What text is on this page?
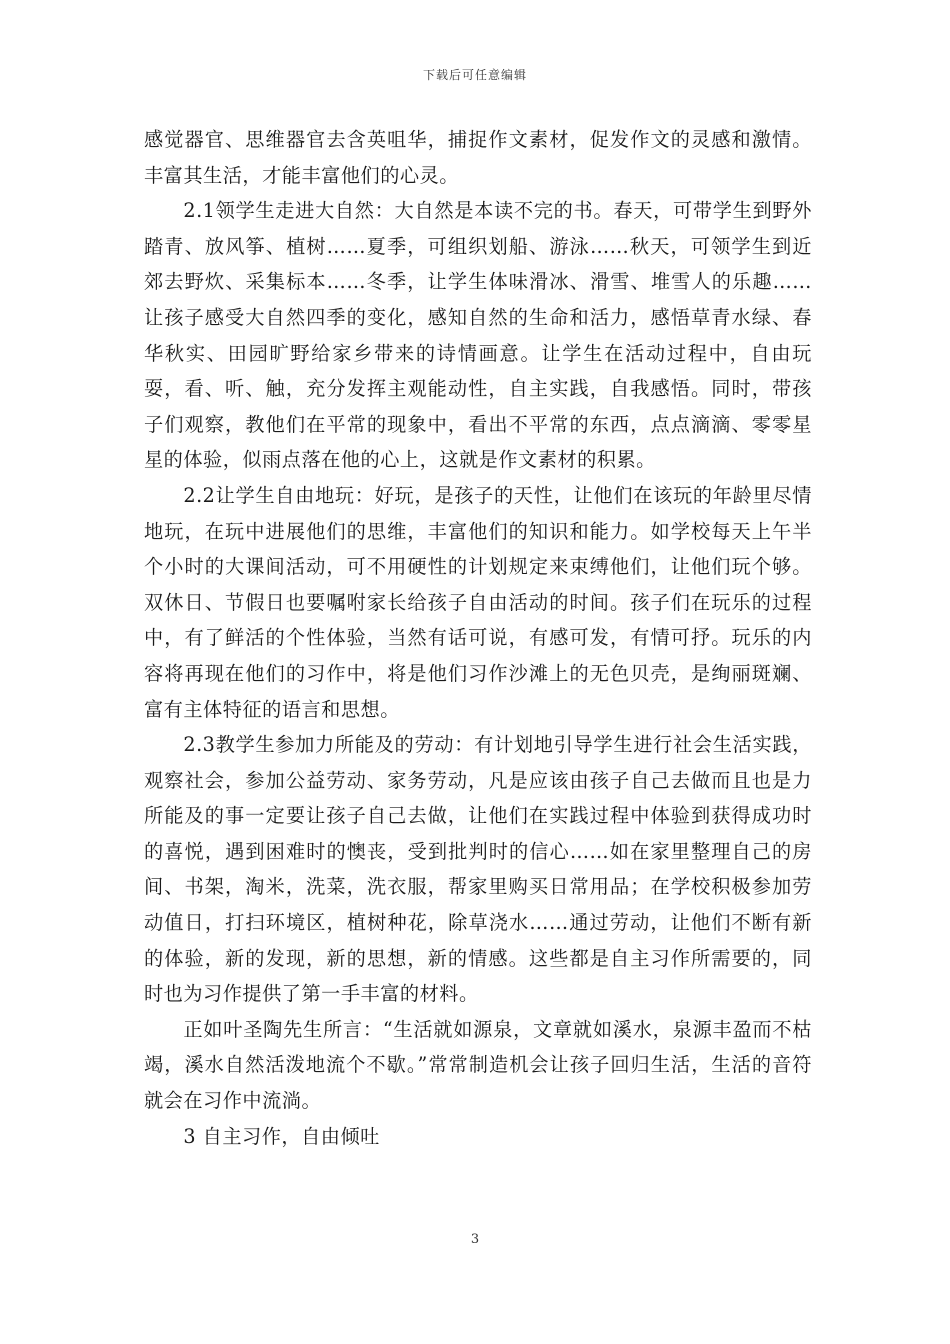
下载后可任意编辑

感觉器官、思维器官去含英咀华，捕捉作文素材，促发作文的灵感和激情。丰富其生活，才能丰富他们的心灵。

2.1领学生走进大自然：大自然是本读不完的书。春天，可带学生到野外踏青、放风筝、植树……夏季，可组织划船、游泳……秋天，可领学生到近郊去野炊、采集标本……冬季，让学生体味滑冰、滑雪、堆雪人的乐趣……让孩子感受大自然四季的变化，感知自然的生命和活力，感悟草青水绿、春华秋实、田园旷野给家乡带来的诗情画意。让学生在活动过程中，自由玩耍，看、听、触，充分发挥主观能动性，自主实践，自我感悟。同时，带孩子们观察，教他们在平常的现象中，看出不平常的东西，点点滴滴、零零星星的体验，似雨点落在他的心上，这就是作文素材的积累。

2.2让学生自由地玩：好玩，是孩子的天性，让他们在该玩的年龄里尽情地玩，在玩中进展他们的思维，丰富他们的知识和能力。如学校每天上午半个小时的大课间活动，可不用硬性的计划规定来束缚他们，让他们玩个够。双休日、节假日也要嘱咐家长给孩子自由活动的时间。孩子们在玩乐的过程中，有了鲜活的个性体验，当然有话可说，有感可发，有情可抒。玩乐的内容将再现在他们的习作中，将是他们习作沙滩上的无色贝壳，是绚丽斑斓、富有主体特征的语言和思想。

2.3教学生参加力所能及的劳动：有计划地引导学生进行社会生活实践，观察社会，参加公益劳动、家务劳动，凡是应该由孩子自己去做而且也是力所能及的事一定要让孩子自己去做，让他们在实践过程中体验到获得成功时的喜悦，遇到困难时的懊丧，受到批判时的信心……如在家里整理自己的房间、书架，淘米，洗菜，洗衣服，帮家里购买日常用品；在学校积极参加劳动值日，打扫环境区，植树种花，除草浇水……通过劳动，让他们不断有新的体验，新的发现，新的思想，新的情感。这些都是自主习作所需要的，同时也为习作提供了第一手丰富的材料。

正如叶圣陶先生所言：“生活就如源泉，文章就如溪水，泉源丰盈而不枯竭，溪水自然活泼地流个不歇。”常常制造机会让孩子回归生活，生活的音符就会在习作中流淌。

3 自主习作，自由倾吐

3
